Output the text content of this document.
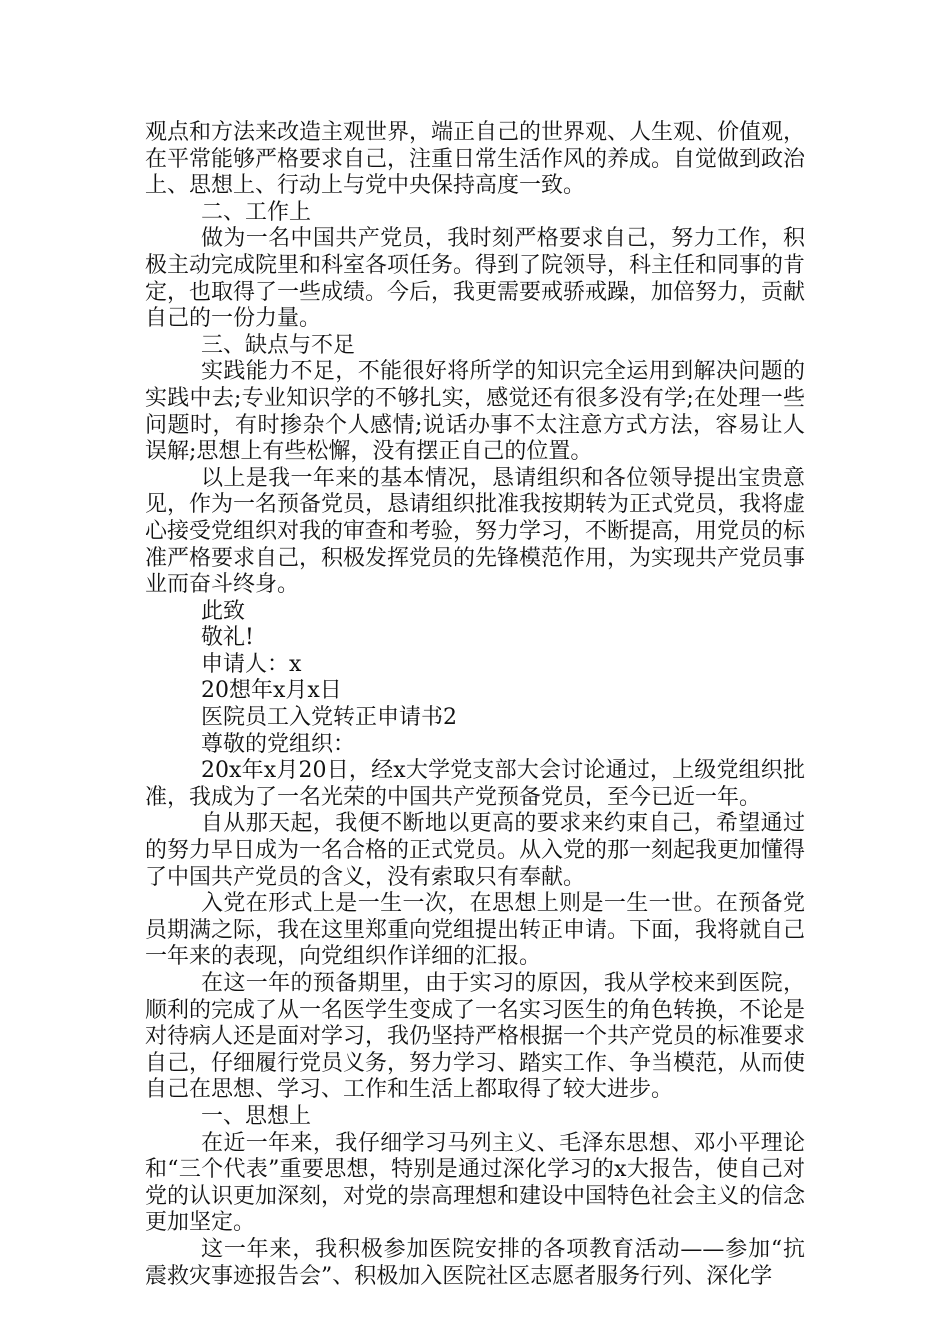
观点和方法来改造主观世界，端正自己的世界观、人生观、价值观，在平常能够严格要求自己，注重日常生活作风的养成。自觉做到政治上、思想上、行动上与党中央保持高度一致。

二、工作上

做为一名中国共产党员，我时刻严格要求自己，努力工作，积极主动完成院里和科室各项任务。得到了院领导，科主任和同事的肯定，也取得了一些成绩。今后，我更需要戒骄戒躁，加倍努力，贡献自己的一份力量。

三、缺点与不足

实践能力不足，不能很好将所学的知识完全运用到解决问题的实践中去;专业知识学的不够扎实，感觉还有很多没有学;在处理一些问题时，有时掺杂个人感情;说话办事不太注意方式方法，容易让人误解;思想上有些松懈，没有摆正自己的位置。

以上是我一年来的基本情况，恳请组织和各位领导提出宝贵意见，作为一名预备党员，恳请组织批准我按期转为正式党员，我将虚心接受党组织对我的审查和考验，努力学习，不断提高，用党员的标准严格要求自己，积极发挥党员的先锋模范作用，为实现共产党员事业而奋斗终身。

此致

敬礼!

申请人：x

20想年x月x日

医院员工入党转正申请书2

尊敬的党组织：

20x年x月20日，经x大学党支部大会讨论通过，上级党组织批准，我成为了一名光荣的中国共产党预备党员，至今已近一年。

自从那天起，我便不断地以更高的要求来约束自己，希望通过的努力早日成为一名合格的正式党员。从入党的那一刻起我更加懂得了中国共产党员的含义，没有索取只有奉献。

入党在形式上是一生一次，在思想上则是一生一世。在预备党员期满之际，我在这里郑重向党组提出转正申请。下面，我将就自己一年来的表现，向党组织作详细的汇报。

在这一年的预备期里，由于实习的原因，我从学校来到医院，顺利的完成了从一名医学生变成了一名实习医生的角色转换，不论是对待病人还是面对学习，我仍坚持严格根据一个共产党员的标准要求自己，仔细履行党员义务，努力学习、踏实工作、争当模范，从而使自己在思想、学习、工作和生活上都取得了较大进步。

一、思想上

在近一年来，我仔细学习马列主义、毛泽东思想、邓小平理论和“三个代表”重要思想，特别是通过深化学习的x大报告，使自己对党的认识更加深刻，对党的崇高理想和建设中国特色社会主义的信念更加坚定。

这一年来，我积极参加医院安排的各项教育活动——参加“抗震救灾事迹报告会”、积极加入医院社区志愿者服务行列、深化学
